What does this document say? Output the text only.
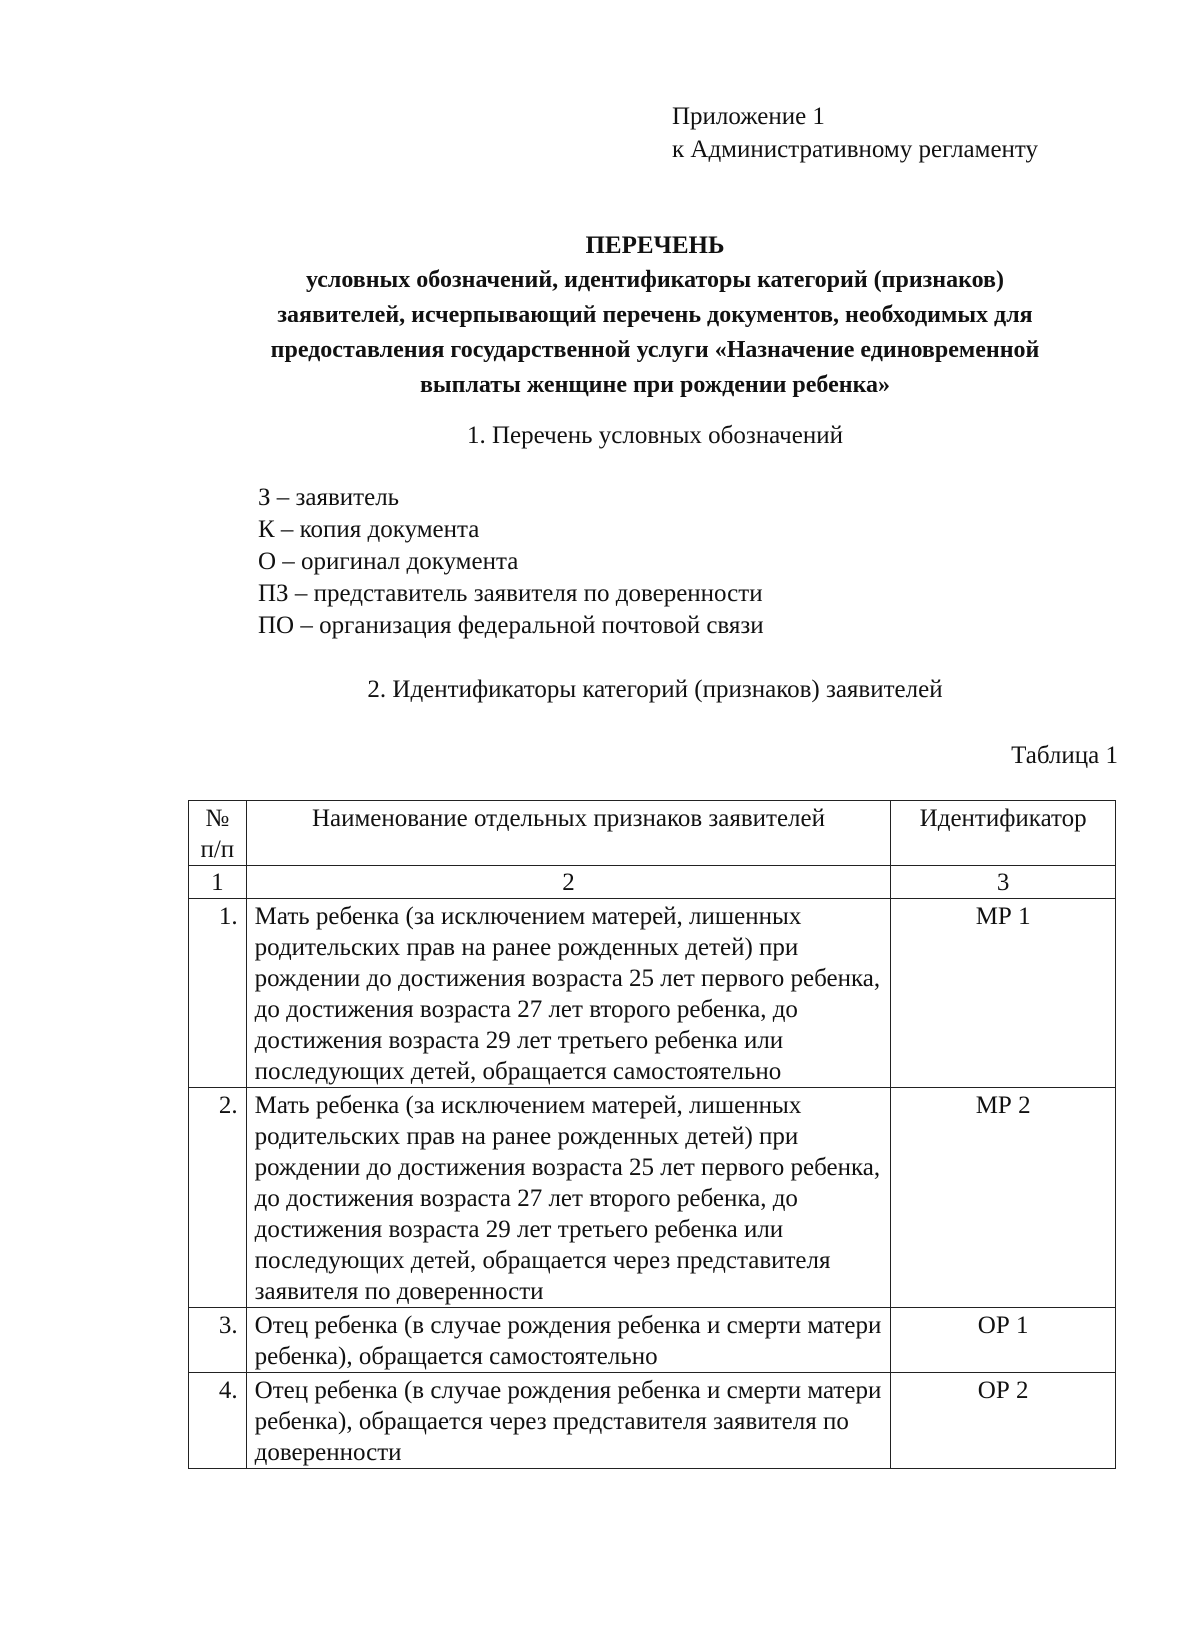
Приложение 1
к Административному регламенту
ПЕРЕЧЕНЬ
условных обозначений, идентификаторы категорий (признаков)
заявителей, исчерпывающий перечень документов, необходимых для
предоставления государственной услуги «Назначение единовременной
выплаты женщине при рождении ребенка»
1. Перечень условных обозначений
З – заявитель
К – копия документа
О – оригинал документа
ПЗ – представитель заявителя по доверенности
ПО – организация федеральной почтовой связи
2. Идентификаторы категорий (признаков) заявителей
Таблица 1
№ п/п	Наименование отдельных признаков заявителей	Идентификатор
1	2	3
1.	Мать ребенка (за исключением матерей, лишенных родительских прав на ранее рожденных детей) при рождении до достижения возраста 25 лет первого ребенка, до достижения возраста 27 лет второго ребенка, до достижения возраста 29 лет третьего ребенка или последующих детей, обращается самостоятельно	МР 1
2.	Мать ребенка (за исключением матерей, лишенных родительских прав на ранее рожденных детей) при рождении до достижения возраста 25 лет первого ребенка, до достижения возраста 27 лет второго ребенка, до достижения возраста 29 лет третьего ребенка или последующих детей, обращается через представителя заявителя по доверенности	МР 2
3.	Отец ребенка (в случае рождения ребенка и смерти матери ребенка), обращается самостоятельно	ОР 1
4.	Отец ребенка (в случае рождения ребенка и смерти матери ребенка), обращается через представителя заявителя по доверенности	ОР 2
